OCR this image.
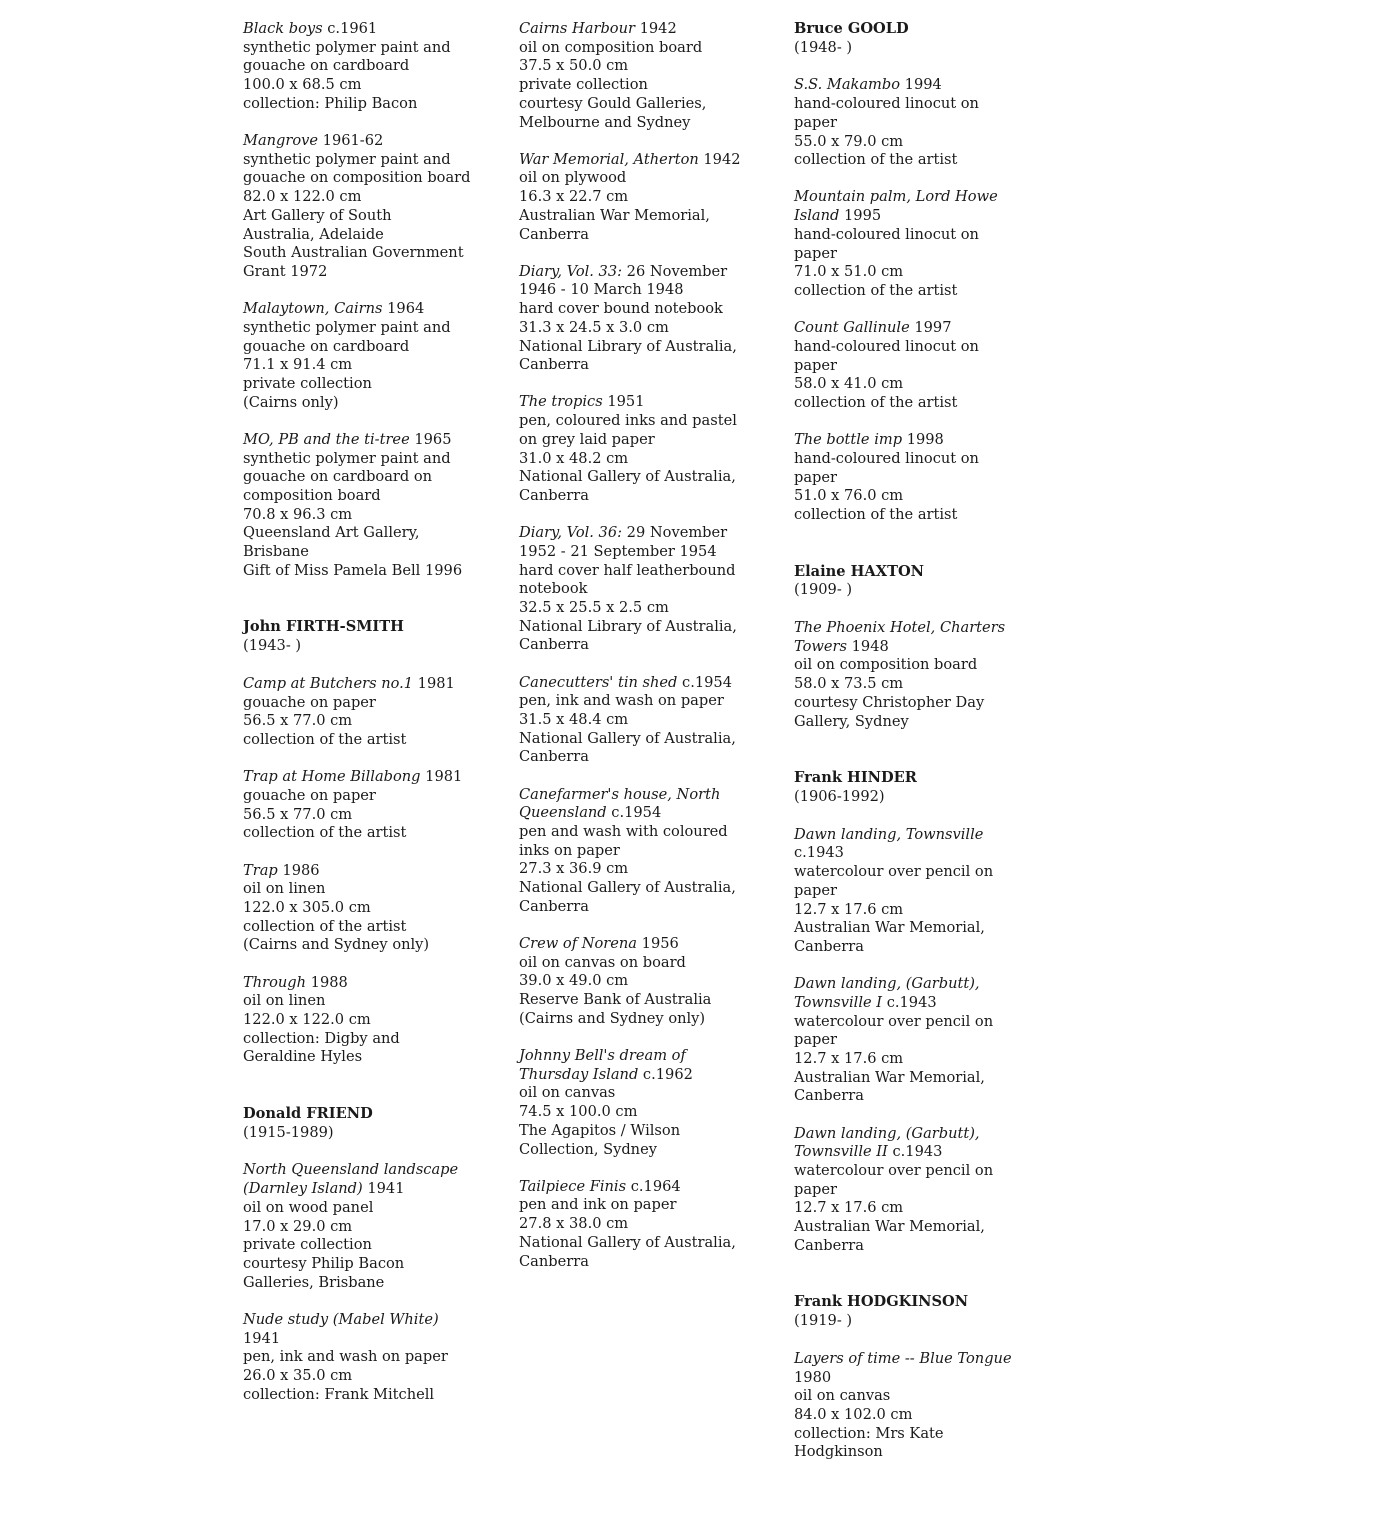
Black boys c.1961
synthetic polymer paint and
gouache on cardboard
100.0 x 68.5 cm
collection: Philip Bacon
Mangrove 1961-62
synthetic polymer paint and
gouache on composition board
82.0 x 122.0 cm
Art Gallery of South
Australia, Adelaide
South Australian Government
Grant 1972
Malaytown, Cairns 1964
synthetic polymer paint and
gouache on cardboard
71.1 x 91.4 cm
private collection
(Cairns only)
MO, PB and the ti-tree 1965
synthetic polymer paint and
gouache on cardboard on
composition board
70.8 x 96.3 cm
Queensland Art Gallery,
Brisbane
Gift of Miss Pamela Bell 1996
John FIRTH-SMITH
(1943- )
Camp at Butchers no.1 1981
gouache on paper
56.5 x 77.0 cm
collection of the artist
Trap at Home Billabong 1981
gouache on paper
56.5 x 77.0 cm
collection of the artist
Trap 1986
oil on linen
122.0 x 305.0 cm
collection of the artist
(Cairns and Sydney only)
Through 1988
oil on linen
122.0 x 122.0 cm
collection: Digby and
Geraldine Hyles
Donald FRIEND
(1915-1989)
North Queensland landscape
(Darnley Island) 1941
oil on wood panel
17.0 x 29.0 cm
private collection
courtesy Philip Bacon
Galleries, Brisbane
Nude study (Mabel White)
1941
pen, ink and wash on paper
26.0 x 35.0 cm
collection: Frank Mitchell
Cairns Harbour 1942
oil on composition board
37.5 x 50.0 cm
private collection
courtesy Gould Galleries,
Melbourne and Sydney
War Memorial, Atherton 1942
oil on plywood
16.3 x 22.7 cm
Australian War Memorial,
Canberra
Diary, Vol. 33: 26 November
1946 - 10 March 1948
hard cover bound notebook
31.3 x 24.5 x 3.0 cm
National Library of Australia,
Canberra
The tropics 1951
pen, coloured inks and pastel
on grey laid paper
31.0 x 48.2 cm
National Gallery of Australia,
Canberra
Diary, Vol. 36: 29 November
1952 - 21 September 1954
hard cover half leatherbound
notebook
32.5 x 25.5 x 2.5 cm
National Library of Australia,
Canberra
Canecutters' tin shed c.1954
pen, ink and wash on paper
31.5 x 48.4 cm
National Gallery of Australia,
Canberra
Canefarmer's house, North
Queensland c.1954
pen and wash with coloured
inks on paper
27.3 x 36.9 cm
National Gallery of Australia,
Canberra
Crew of Norena 1956
oil on canvas on board
39.0 x 49.0 cm
Reserve Bank of Australia
(Cairns and Sydney only)
Johnny Bell's dream of
Thursday Island c.1962
oil on canvas
74.5 x 100.0 cm
The Agapitos / Wilson
Collection, Sydney
Tailpiece Finis c.1964
pen and ink on paper
27.8 x 38.0 cm
National Gallery of Australia,
Canberra
Bruce GOOLD
(1948- )
S.S. Makambo 1994
hand-coloured linocut on
paper
55.0 x 79.0 cm
collection of the artist
Mountain palm, Lord Howe
Island 1995
hand-coloured linocut on
paper
71.0 x 51.0 cm
collection of the artist
Count Gallinule 1997
hand-coloured linocut on
paper
58.0 x 41.0 cm
collection of the artist
The bottle imp 1998
hand-coloured linocut on
paper
51.0 x 76.0 cm
collection of the artist
Elaine HAXTON
(1909- )
The Phoenix Hotel, Charters
Towers 1948
oil on composition board
58.0 x 73.5 cm
courtesy Christopher Day
Gallery, Sydney
Frank HINDER
(1906-1992)
Dawn landing, Townsville
c.1943
watercolour over pencil on
paper
12.7 x 17.6 cm
Australian War Memorial,
Canberra
Dawn landing, (Garbutt),
Townsville I c.1943
watercolour over pencil on
paper
12.7 x 17.6 cm
Australian War Memorial,
Canberra
Dawn landing, (Garbutt),
Townsville II c.1943
watercolour over pencil on
paper
12.7 x 17.6 cm
Australian War Memorial,
Canberra
Frank HODGKINSON
(1919- )
Layers of time -- Blue Tongue
1980
oil on canvas
84.0 x 102.0 cm
collection: Mrs Kate
Hodgkinson
